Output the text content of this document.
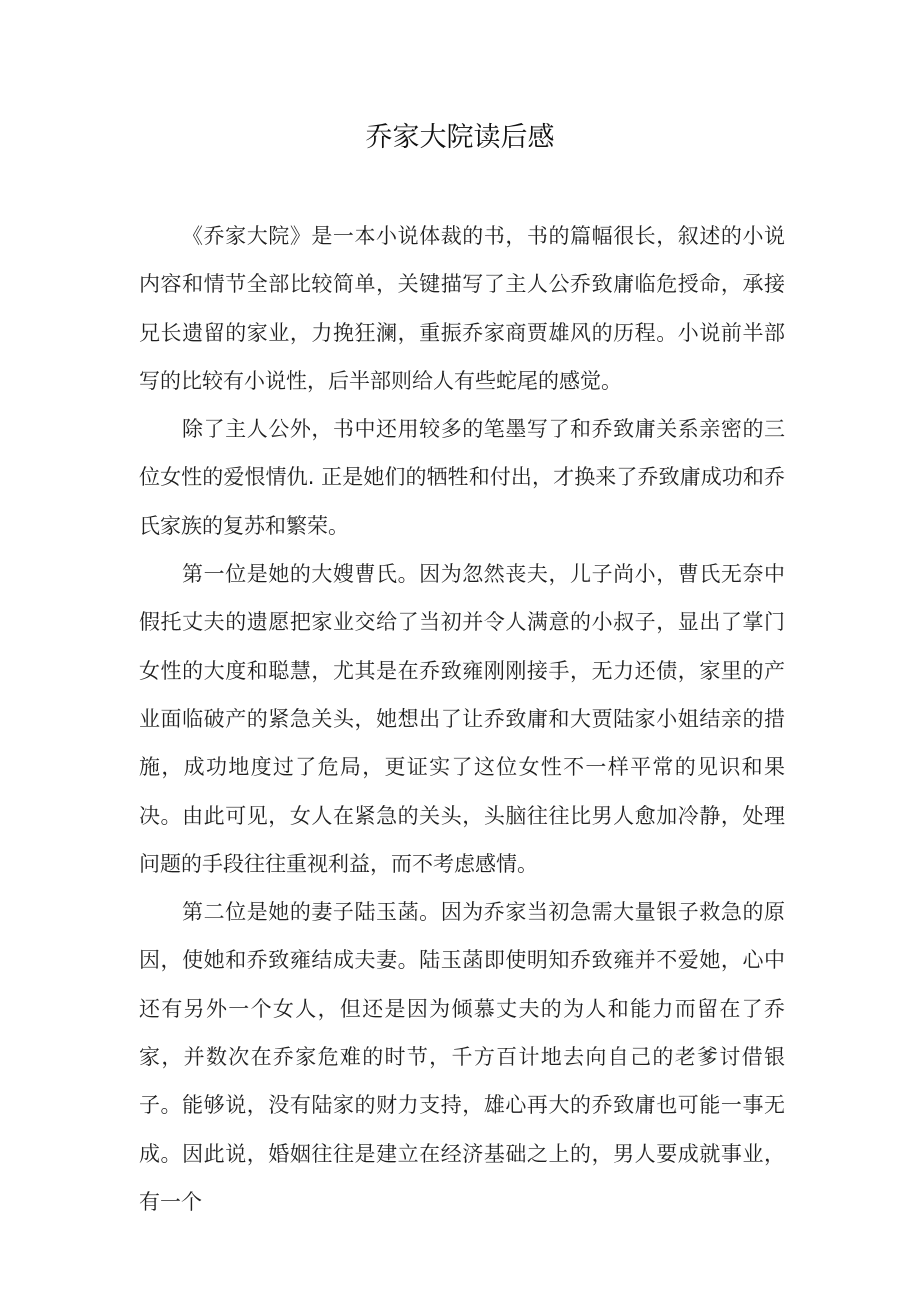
乔家大院读后感

《乔家大院》是一本小说体裁的书，书的篇幅很长，叙述的小说内容和情节全部比较简单，关键描写了主人公乔致庸临危授命，承接兄长遗留的家业，力挽狂澜，重振乔家商贾雄风的历程。小说前半部写的比较有小说性，后半部则给人有些蛇尾的感觉。

除了主人公外，书中还用较多的笔墨写了和乔致庸关系亲密的三位女性的爱恨情仇. 正是她们的牺牲和付出，才换来了乔致庸成功和乔氏家族的复苏和繁荣。

第一位是她的大嫂曹氏。因为忽然丧夫，儿子尚小，曹氏无奈中假托丈夫的遗愿把家业交给了当初并令人满意的小叔子，显出了掌门女性的大度和聪慧，尤其是在乔致雍刚刚接手，无力还债，家里的产业面临破产的紧急关头，她想出了让乔致庸和大贾陆家小姐结亲的措施，成功地度过了危局，更证实了这位女性不一样平常的见识和果决。由此可见，女人在紧急的关头，头脑往往比男人愈加冷静，处理问题的手段往往重视利益，而不考虑感情。

第二位是她的妻子陆玉菡。因为乔家当初急需大量银子救急的原因，使她和乔致雍结成夫妻。陆玉菡即使明知乔致雍并不爱她，心中还有另外一个女人，但还是因为倾慕丈夫的为人和能力而留在了乔家，并数次在乔家危难的时节，千方百计地去向自己的老爹讨借银子。能够说，没有陆家的财力支持，雄心再大的乔致庸也可能一事无成。因此说，婚姻往往是建立在经济基础之上的，男人要成就事业，有一个
